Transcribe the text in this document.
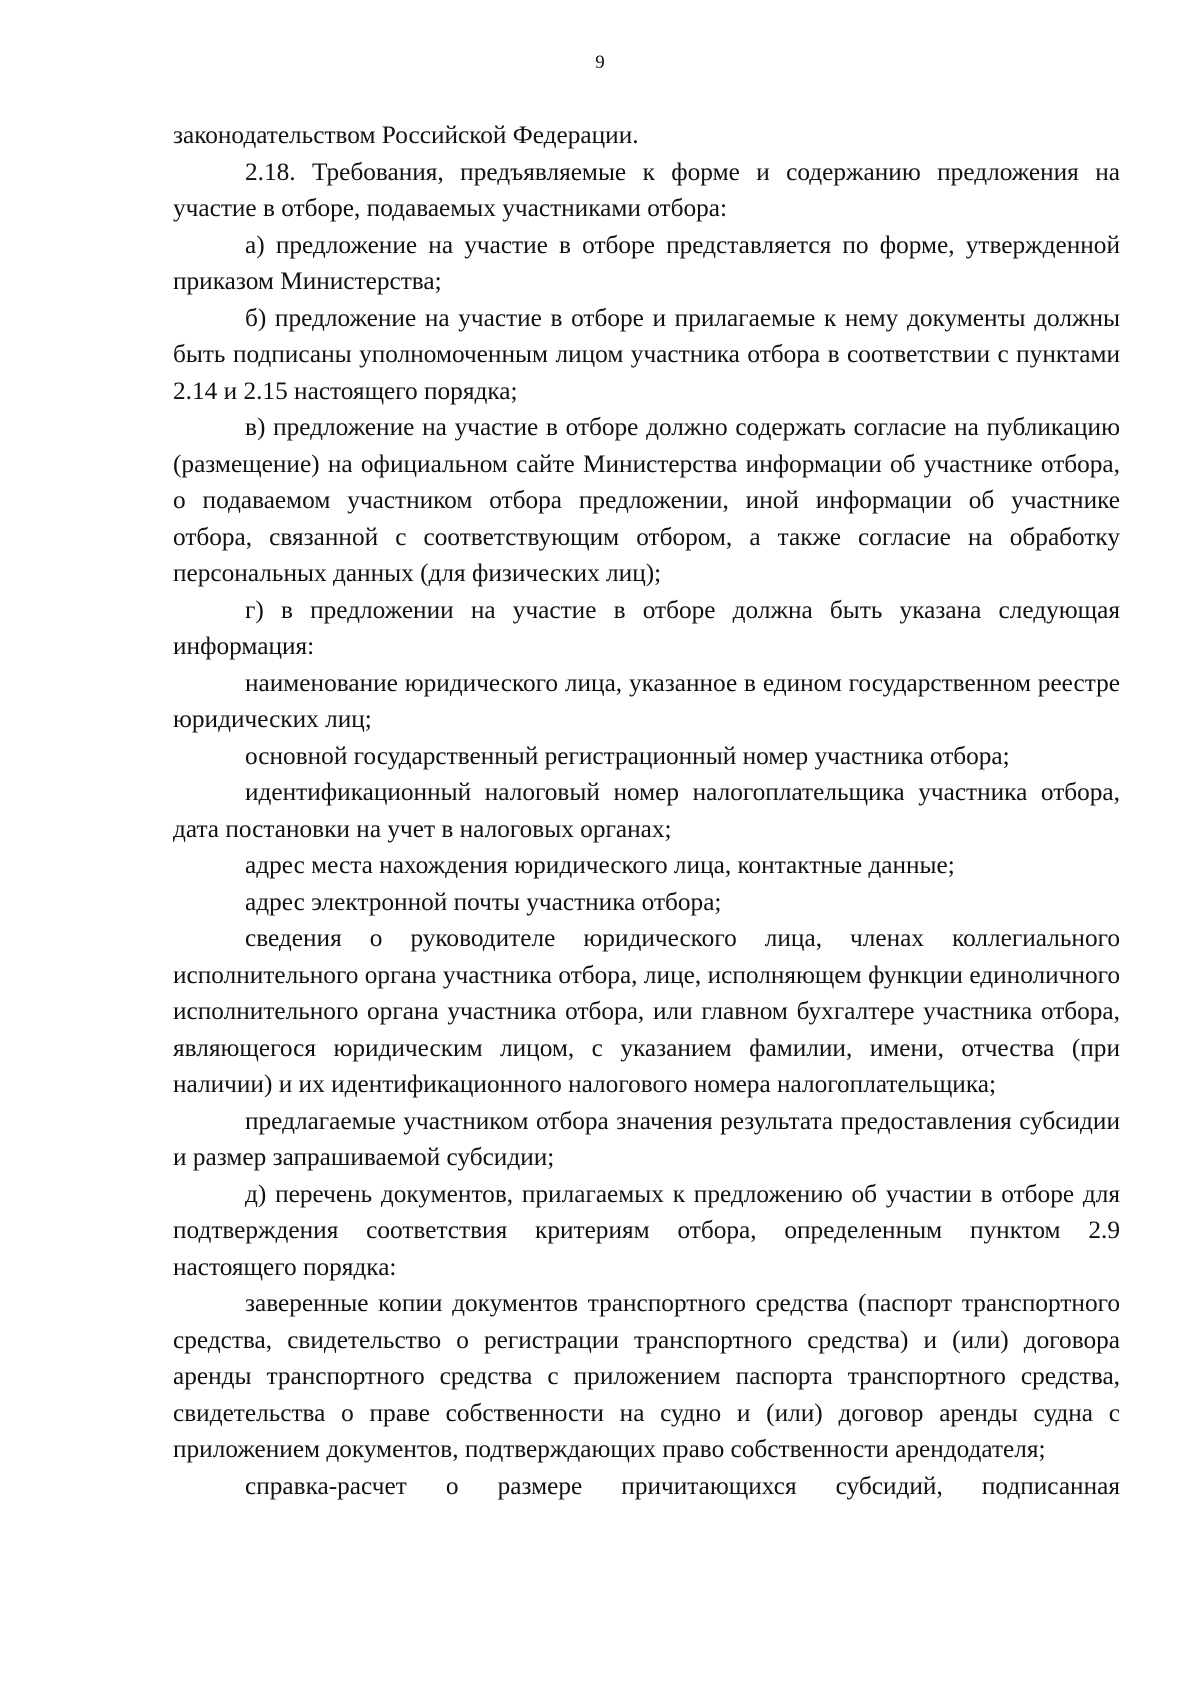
9

законодательством Российской Федерации.

2.18. Требования, предъявляемые к форме и содержанию предложения на участие в отборе, подаваемых участниками отбора:

а) предложение на участие в отборе представляется по форме, утвержденной приказом Министерства;

б) предложение на участие в отборе и прилагаемые к нему документы должны быть подписаны уполномоченным лицом участника отбора в соответствии с пунктами 2.14 и 2.15 настоящего порядка;

в) предложение на участие в отборе должно содержать согласие на публикацию (размещение) на официальном сайте Министерства информации об участнике отбора, о подаваемом участником отбора предложении, иной информации об участнике отбора, связанной с соответствующим отбором, а также согласие на обработку персональных данных (для физических лиц);

г) в предложении на участие в отборе должна быть указана следующая информация:

наименование юридического лица, указанное в едином государственном реестре юридических лиц;

основной государственный регистрационный номер участника отбора;

идентификационный налоговый номер налогоплательщика участника отбора, дата постановки на учет в налоговых органах;

адрес места нахождения юридического лица, контактные данные;

адрес электронной почты участника отбора;

сведения о руководителе юридического лица, членах коллегиального исполнительного органа участника отбора, лице, исполняющем функции единоличного исполнительного органа участника отбора, или главном бухгалтере участника отбора, являющегося юридическим лицом, с указанием фамилии, имени, отчества (при наличии) и их идентификационного налогового номера налогоплательщика;

предлагаемые участником отбора значения результата предоставления субсидии и размер запрашиваемой субсидии;

д) перечень документов, прилагаемых к предложению об участии в отборе для подтверждения соответствия критериям отбора, определенным пунктом 2.9 настоящего порядка:

заверенные копии документов транспортного средства (паспорт транспортного средства, свидетельство о регистрации транспортного средства) и (или) договора аренды транспортного средства с приложением паспорта транспортного средства, свидетельства о праве собственности на судно и (или) договор аренды судна с приложением документов, подтверждающих право собственности арендодателя;

справка-расчет о размере причитающихся субсидий, подписанная
